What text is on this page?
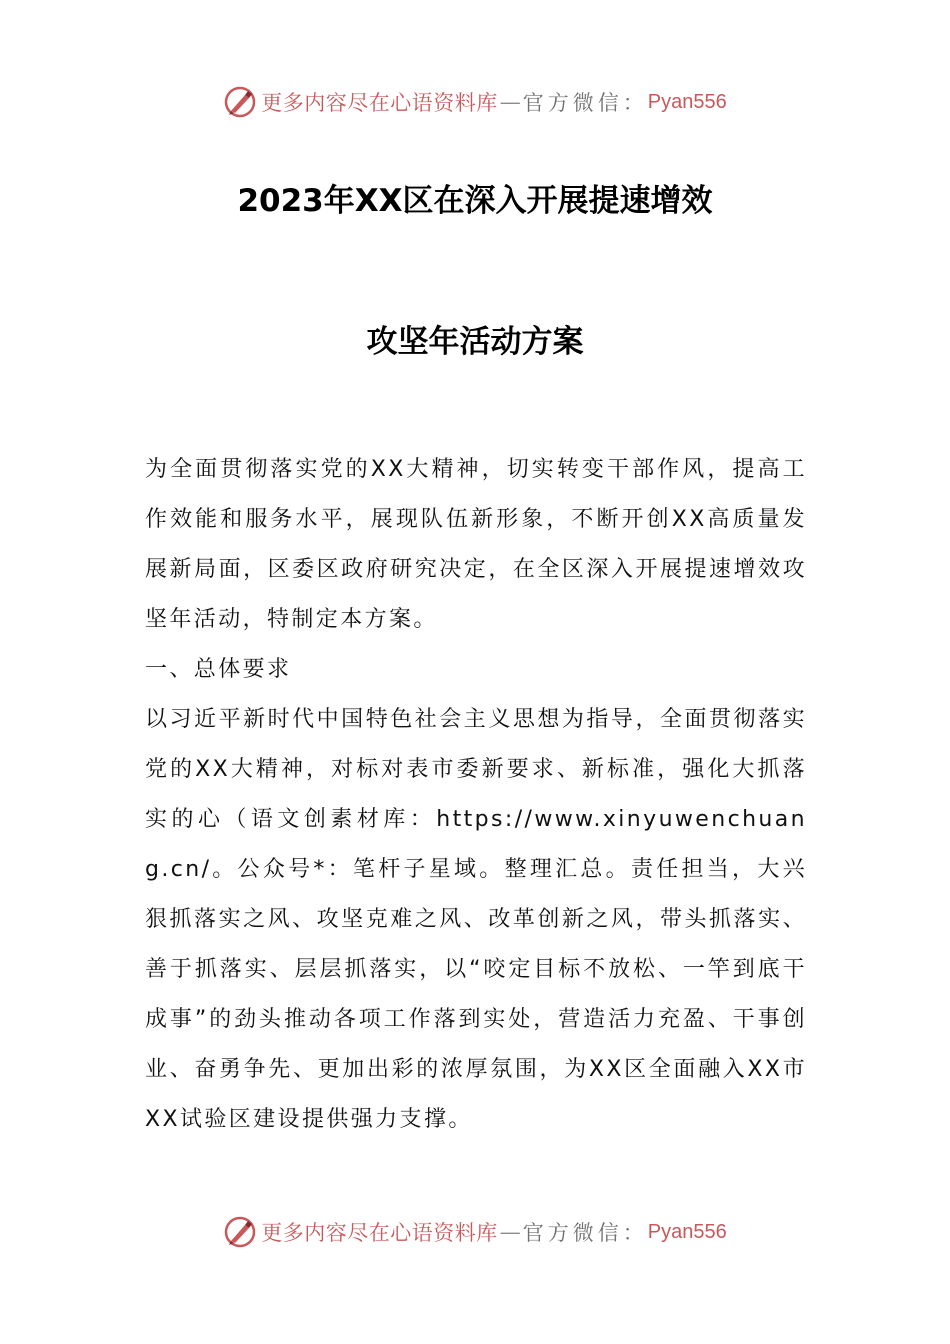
更多内容尽在心语资料库 — 官方微信： Pyan556
2023年XX区在深入开展提速增效
攻坚年活动方案

为全面贯彻落实党的XX大精神，切实转变干部作风，提高工作效能和服务水平，展现队伍新形象，不断开创XX高质量发展新局面，区委区政府研究决定，在全区深入开展提速增效攻坚年活动，特制定本方案。

一、总体要求

以习近平新时代中国特色社会主义思想为指导，全面贯彻落实党的XX大精神，对标对表市委新要求、新标准，强化大抓落实的心（语文创素材库：https://www.xinyuwenchuang.cn/。公众号*：笔杆子星域。整理汇总。责任担当，大兴狠抓落实之风、攻坚克难之风、改革创新之风，带头抓落实、善于抓落实、层层抓落实，以“咬定目标不放松、一竿到底干成事”的劲头推动各项工作落到实处，营造活力充盈、干事创业、奋勇争先、更加出彩的浓厚氛围，为XX区全面融入XX市XX试验区建设提供强力支撑。

更多内容尽在心语资料库 — 官方微信： Pyan556
